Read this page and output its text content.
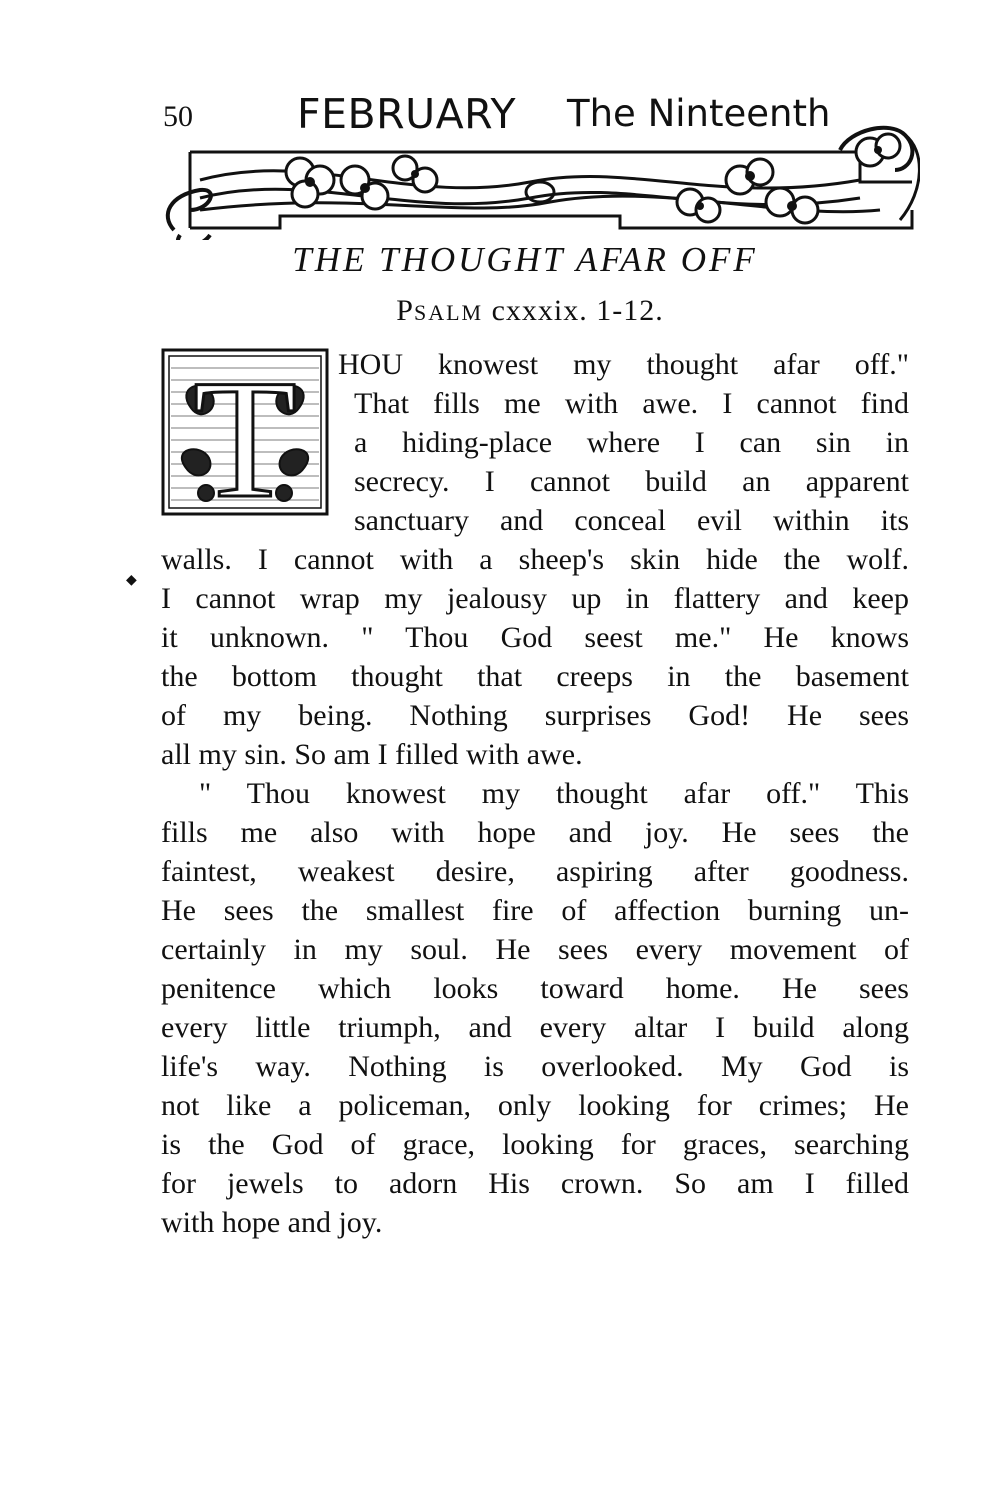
50	FEBRUARY The Ninteenth
THE THOUGHT AFAR OFF
PSALM cxxxix. 1-12.
T	HOU knowest my thought afar off."
That fills me with awe. I cannot find
a hiding-place where I can sin in
secrecy. I cannot build an apparent
sanctuary and conceal evil within its
walls. I cannot with a sheep's skin hide the wolf.
I cannot wrap my jealousy up in flattery and keep
it unknown. " Thou God seest me." He knows
the bottom thought that creeps in the basement
of my being. Nothing surprises God! He sees
all my sin. So am I filled with awe.
" Thou knowest my thought afar off." This
fills me also with hope and joy. He sees the
faintest, weakest desire, aspiring after goodness.
He sees the smallest fire of affection burning un-
certainly in my soul. He sees every movement of
penitence which looks toward home. He sees
every little triumph, and every altar I build along
life's way. Nothing is overlooked. My God is
not like a policeman, only looking for crimes; He
is the God of grace, looking for graces, searching
for jewels to adorn His crown. So am I filled
with hope and joy.
◆
